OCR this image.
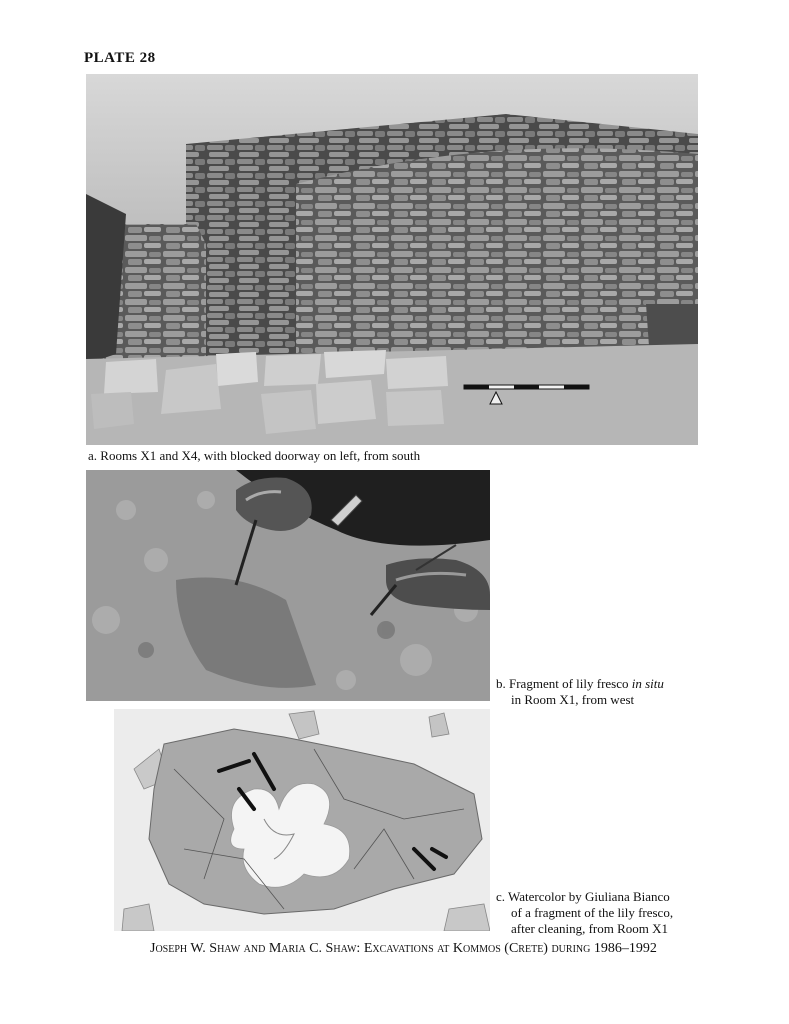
PLATE 28
a. Rooms X1 and X4, with blocked doorway on left, from south
b. Fragment of lily fresco in situ
in Room X1, from west
c. Watercolor by Giuliana Bianco
of a fragment of the lily fresco,
after cleaning, from Room X1
Joseph W. Shaw and Maria C. Shaw: Excavations at Kommos (Crete) during 1986–1992
